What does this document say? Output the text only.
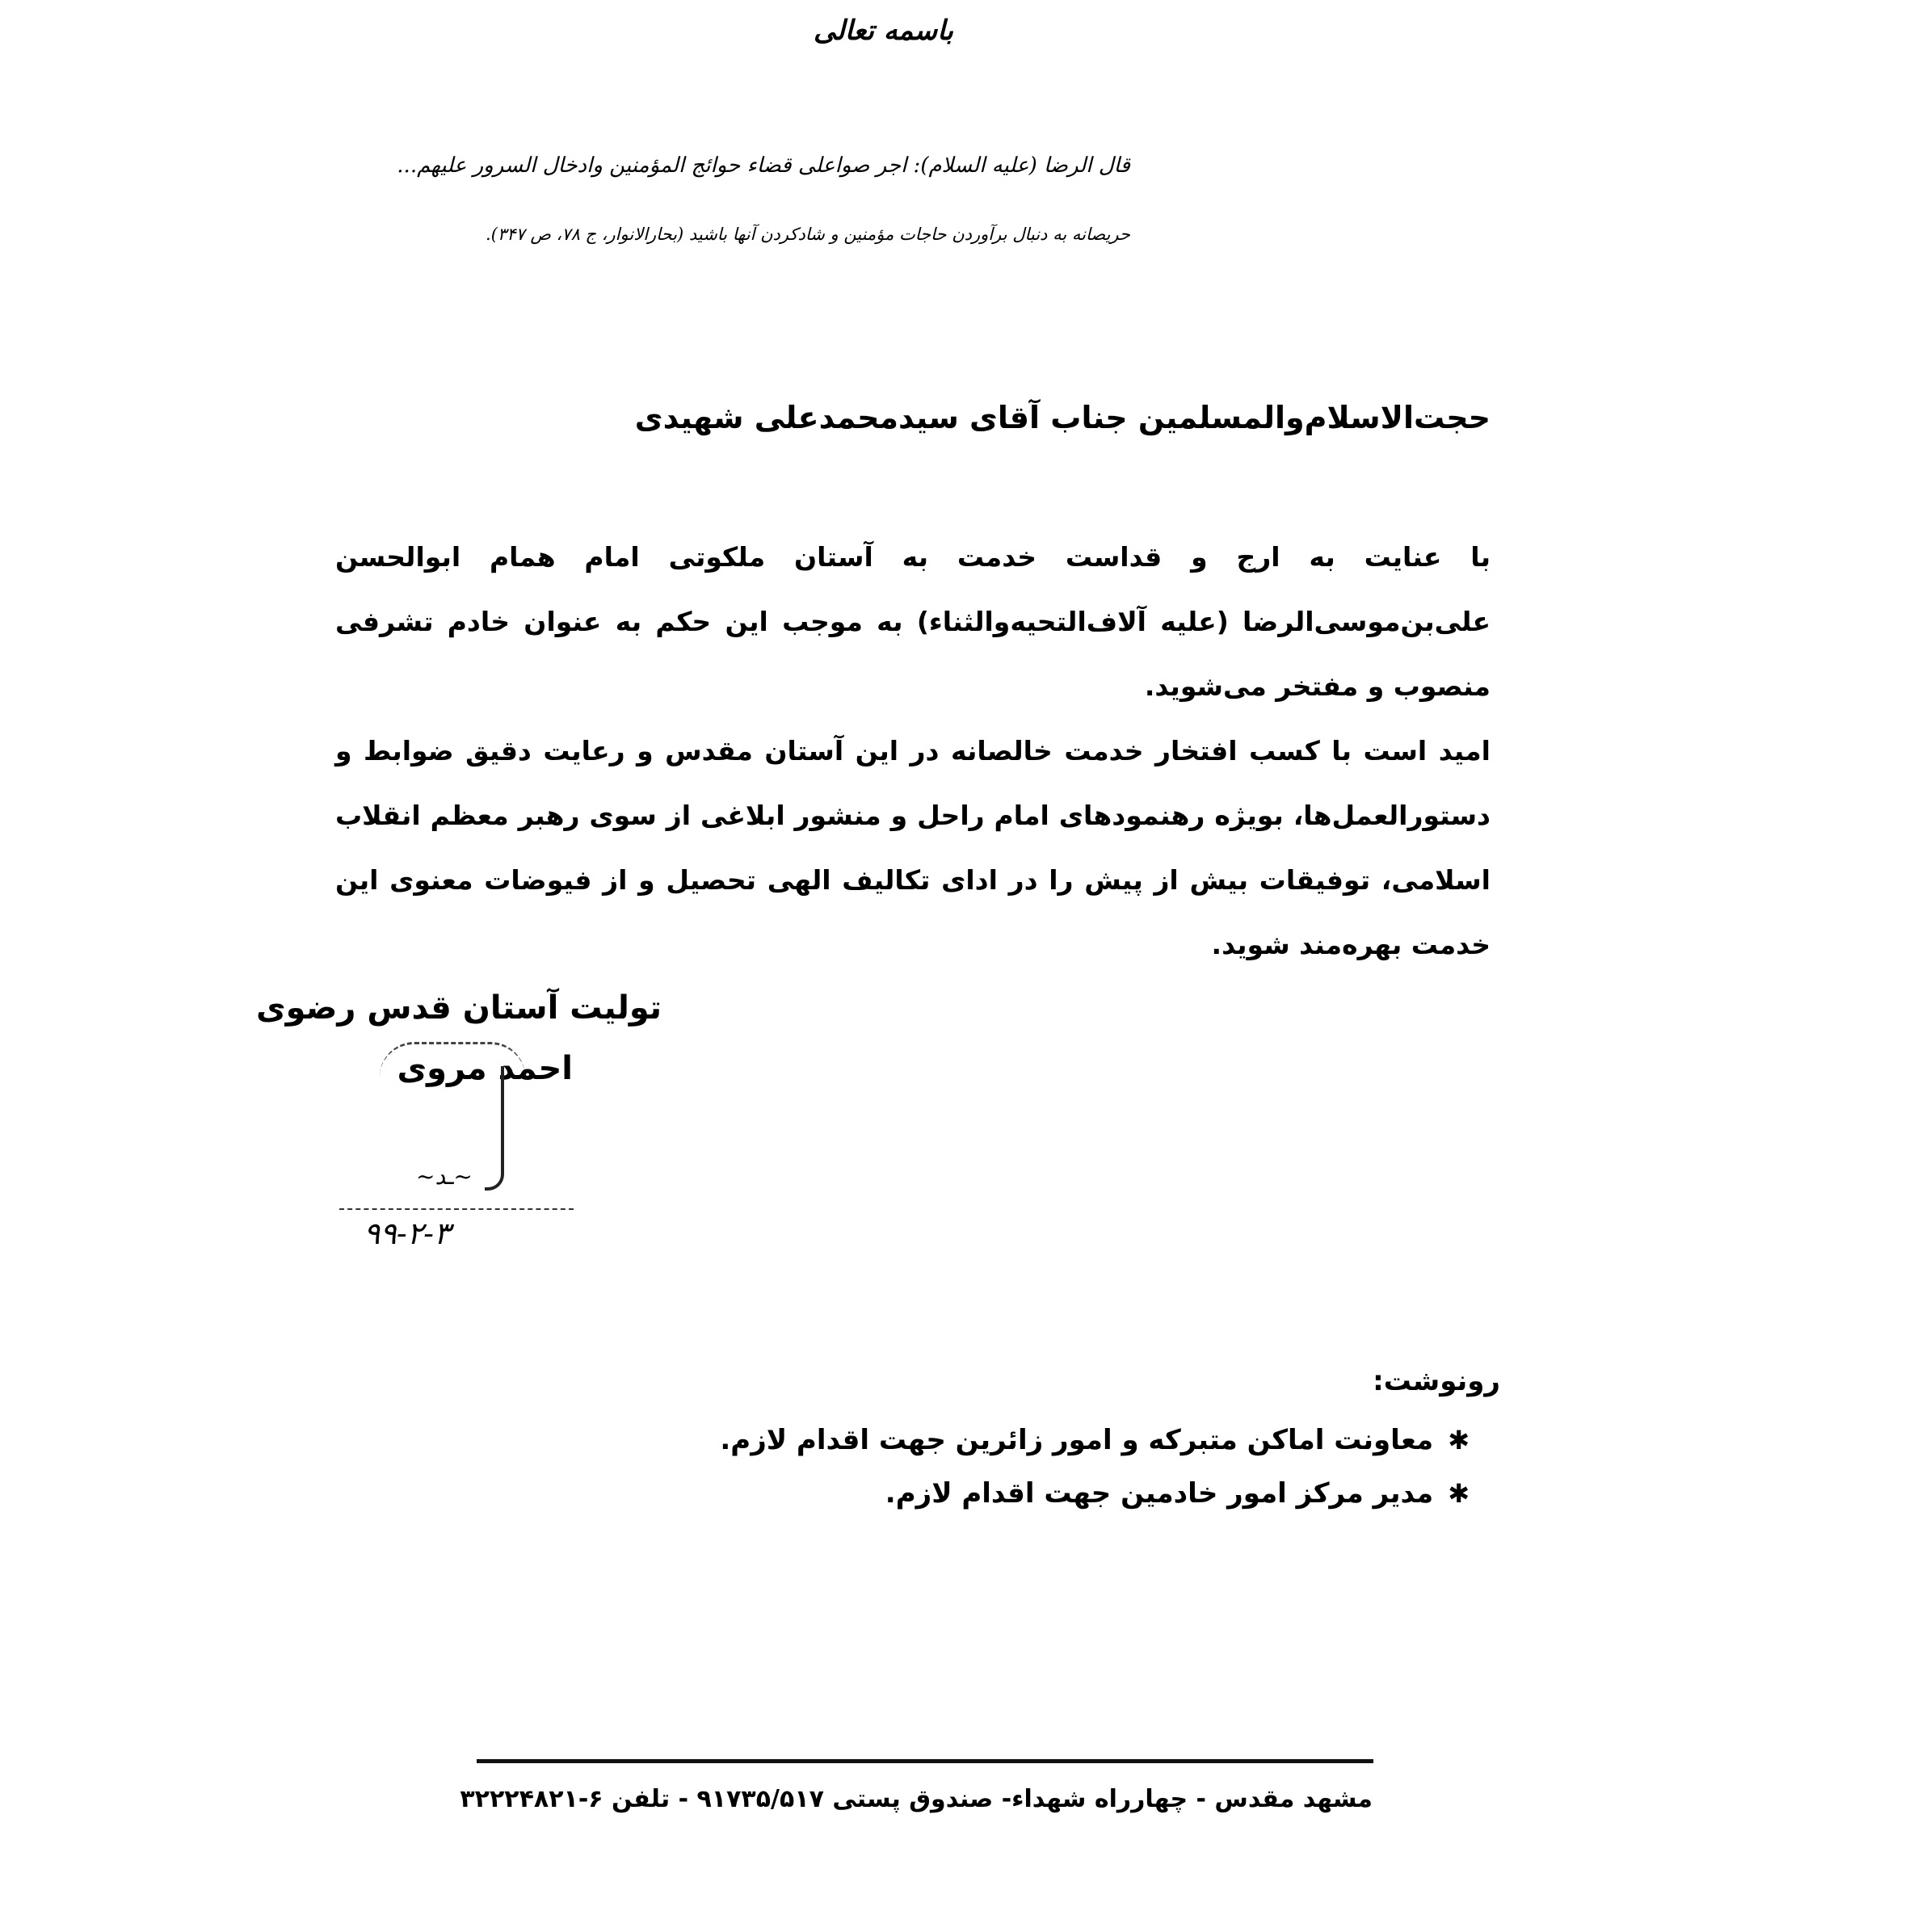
باسمه تعالی
قال الرضا (علیه السلام): اجر صواعلی قضاء حوائج المؤمنین وادخال السرور علیهم...
حریصانه به دنبال برآوردن حاجات مؤمنین و شادکردن آنها باشید (بحارالانوار، ج ۷۸، ص ۳۴۷).
حجت‌الاسلام‌والمسلمین جناب آقای سیدمحمدعلی شهیدی

با عنایت به ارج و قداست خدمت به آستان ملکوتی امام همام ابوالحسن علی‌بن‌موسی‌الرضا (علیه آلاف‌التحیه‌والثناء) به موجب این حکم به عنوان خادم تشرفی منصوب و مفتخر می‌شوید.

امید است با کسب افتخار خدمت خالصانه در این آستان مقدس و رعایت دقیق ضوابط و دستورالعمل‌ها، بویژه رهنمودهای امام راحل و منشور ابلاغی از سوی رهبر معظم انقلاب اسلامی، توفیقات بیش از پیش را در ادای تکالیف الهی تحصیل و از فیوضات معنوی این خدمت بهره‌مند شوید.

تولیت آستان قدس رضوی
احمد مروی
~ـد~
۹۹-۲-۳
رونوشت:
✱معاونت اماکن متبرکه و امور زائرین جهت اقدام لازم.
✱مدیر مرکز امور خادمین جهت اقدام لازم.
مشهد مقدس - چهارراه شهداء- صندوق پستی ۹۱۷۳۵/۵۱۷ - تلفن ۶-۳۲۲۲۴۸۲۱
